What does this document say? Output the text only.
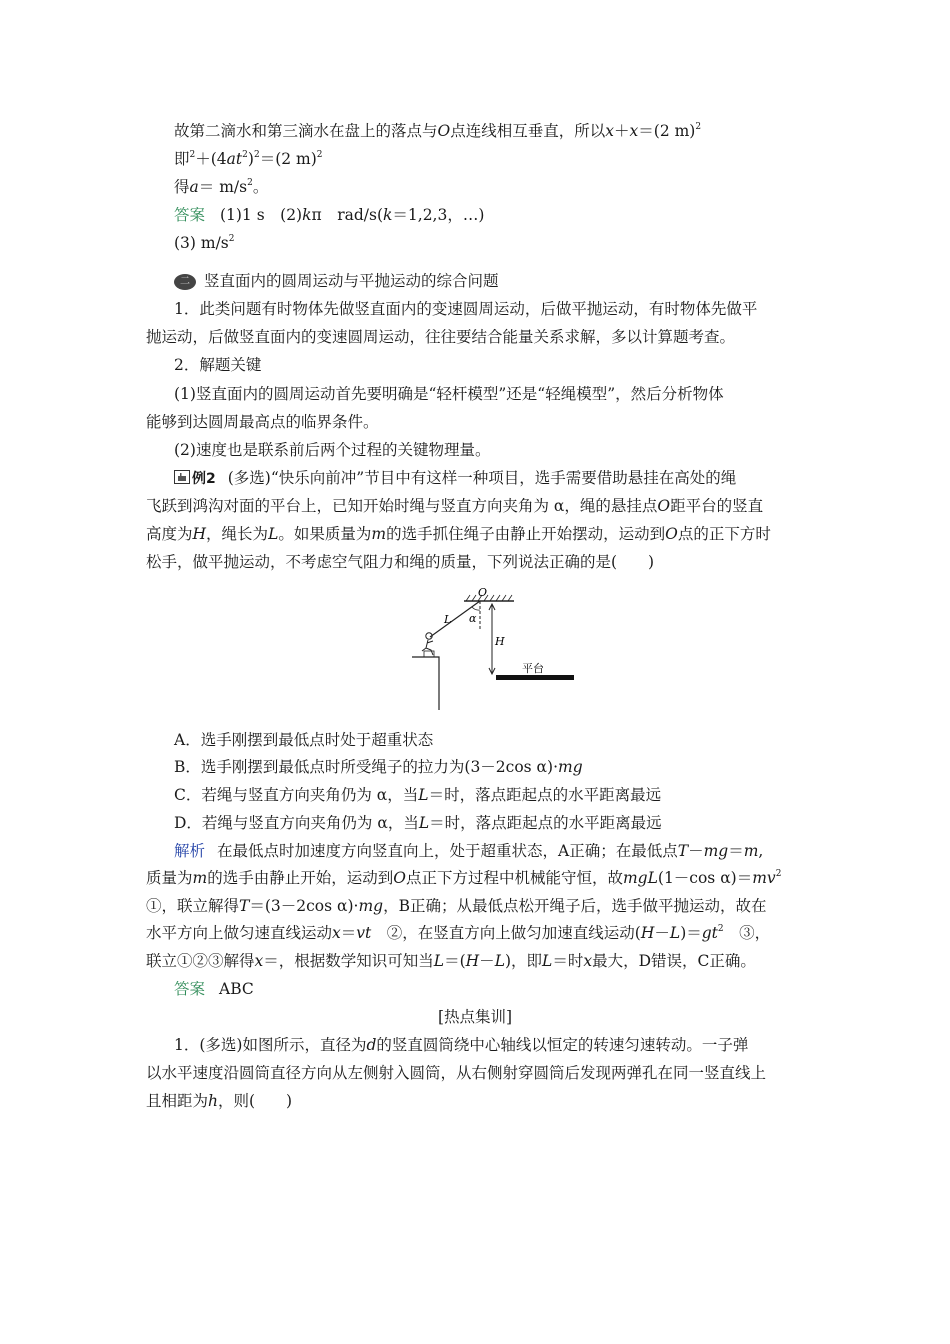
故第二滴水和第三滴水在盘上的落点与O点连线相互垂直，所以x＋x＝(2 m)$^2$
即$^2+(4at^2)^2=(2$ m)$^2$
得$a= m/s^2$。
答案 (1)1 s　(2)kπ　rad/s(k＝1,2,3，…)
(3) $m/s^2$
二 竖直面内的圆周运动与平抛运动的综合问题
1．此类问题有时物体先做竖直面内的变速圆周运动，后做平抛运动，有时物体先做平
抛运动，后做竖直面内的变速圆周运动，往往要结合能量关系求解，多以计算题考查。
2．解题关键
(1)竖直面内的圆周运动首先要明确是“轻杆模型”还是“轻绳模型”，然后分析物体
能够到达圆周最高点的临界条件。
(2)速度也是联系前后两个过程的关键物理量。
例2 (多选)“快乐向前冲”节目中有这样一种项目，选手需要借助悬挂在高处的绳
飞跃到鸿沟对面的平台上，已知开始时绳与竖直方向夹角为 α，绳的悬挂点O距平台的竖直
高度为H，绳长为L。如果质量为m的选手抓住绳子由静止开始摆动，运动到O点的正下方时
松手，做平抛运动，不考虑空气阻力和绳的质量，下列说法正确的是(　　)
O
L α
H
平台
A．选手刚摆到最低点时处于超重状态
B．选手刚摆到最低点时所受绳子的拉力为(3－2cos α)·mg
C．若绳与竖直方向夹角仍为 α，当L＝时，落点距起点的水平距离最远
D．若绳与竖直方向夹角仍为 α，当L＝时，落点距起点的水平距离最远
解析 在最低点时加速度方向竖直向上，处于超重状态，A正确；在最低点T－mg＝m,
质量为m的选手由静止开始，运动到O点正下方过程中机械能守恒，故mgL(1－cos $\alpha)=mv^2$
①，联立解得T＝(3－2cos α)·mg，B正确；从最低点松开绳子后，选手做平抛运动，故在
水平方向上做匀速直线运动x＝vt　②，在竖直方向上做匀加速直线运动$(H-L)=gt^2$　③，
联立①②③解得x＝，根据数学知识可知当L＝(H－L)，即L＝时x最大，D错误，C正确。
答案 ABC
[热点集训]
1．(多选)如图所示，直径为d的竖直圆筒绕中心轴线以恒定的转速匀速转动。一子弹
以水平速度沿圆筒直径方向从左侧射入圆筒，从右侧射穿圆筒后发现两弹孔在同一竖直线上
且相距为h，则(　　)
